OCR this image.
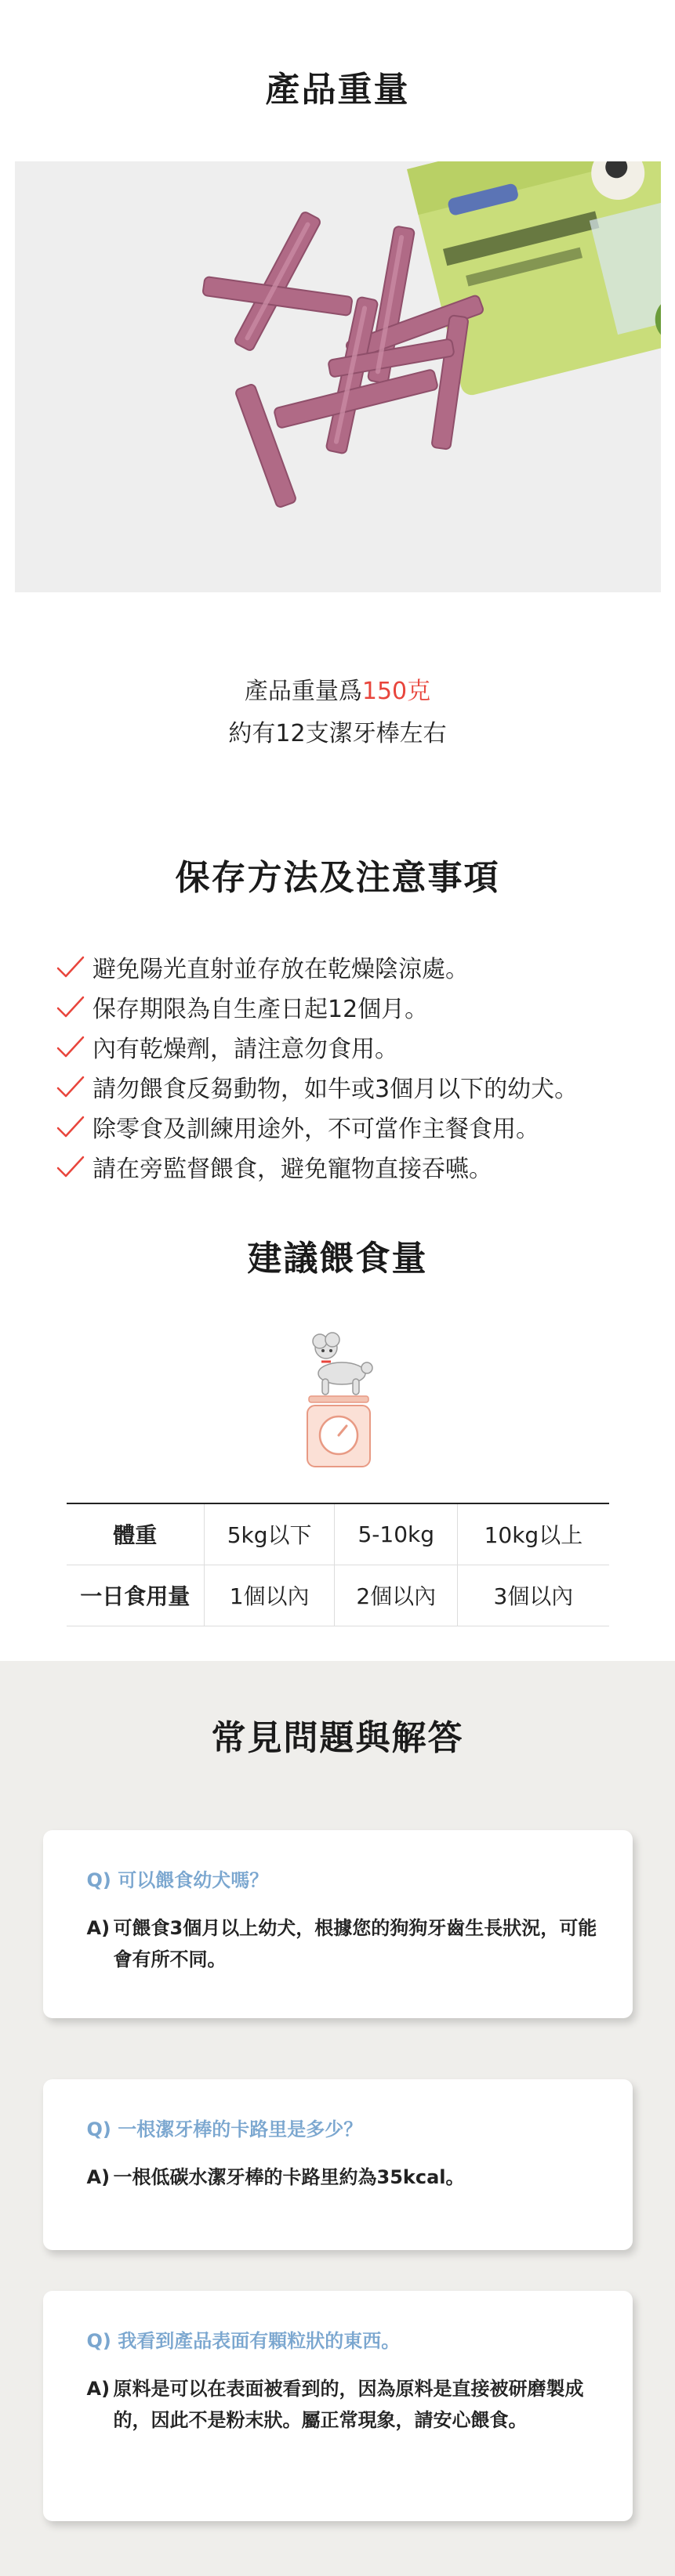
產品重量
產品重量爲150克
約有12支潔牙棒左右
保存方法及注意事項
避免陽光直射並存放在乾燥陰涼處。
保存期限為自生產日起12個月。
內有乾燥劑，請注意勿食用。
請勿餵食反芻動物，如牛或3個月以下的幼犬。
除零食及訓練用途外，不可當作主餐食用。
請在旁監督餵食，避免寵物直接吞嚥。
建議餵食量
體重	5kg以下	5-10kg	10kg以上
一日食用量	1個以內	2個以內	3個以內
常見問題與解答
Q) 可以餵食幼犬嗎？
A) 可餵食3個月以上幼犬，根據您的狗狗牙齒生長狀況，可能會有所不同。
Q) 一根潔牙棒的卡路里是多少？
A) 一根低碳水潔牙棒的卡路里約為35kcal。
Q) 我看到產品表面有顆粒狀的東西。
A) 原料是可以在表面被看到的，因為原料是直接被研磨製成的，因此不是粉末狀。屬正常現象，請安心餵食。
